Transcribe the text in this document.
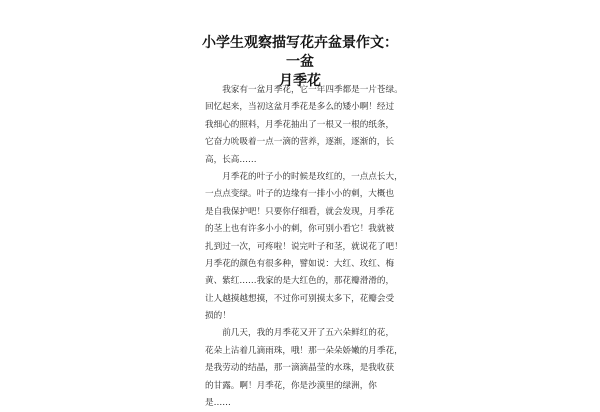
小学生观察描写花卉盆景作文：一盆
月季花
　　我家有一盆月季花，它一年四季都是一片苍绿。
回忆起来，当初这盆月季花是多么的矮小啊！经过
我细心的照料，月季花抽出了一根又一根的纸条，
它奋力吮吸着一点一滴的营养，逐渐，逐渐的，长
高，长高……
　　月季花的叶子小的时候是玫红的，一点点长大，
一点点变绿。叶子的边缘有一排小小的刺，大概也
是自我保护吧！只要你仔细看，就会发现，月季花
的茎上也有许多小小的刺，你可别小看它！我就被
扎到过一次，可疼啦！说完叶子和茎，就说花了吧！
月季花的颜色有很多种，譬如说：大红、玫红、梅
黄、紫红……我家的是大红色的，那花瓣滑滑的，
让人越摸越想摸，不过你可别摸太多下，花瓣会受
损的！
　　前几天，我的月季花又开了五六朵鲜红的花，
花朵上沾着几滴雨珠，哦！那一朵朵娇嫩的月季花，
是我劳动的结晶，那一滴滴晶莹的水珠，是我收获
的甘露。啊！月季花，你是沙漠里的绿洲，你
是……
